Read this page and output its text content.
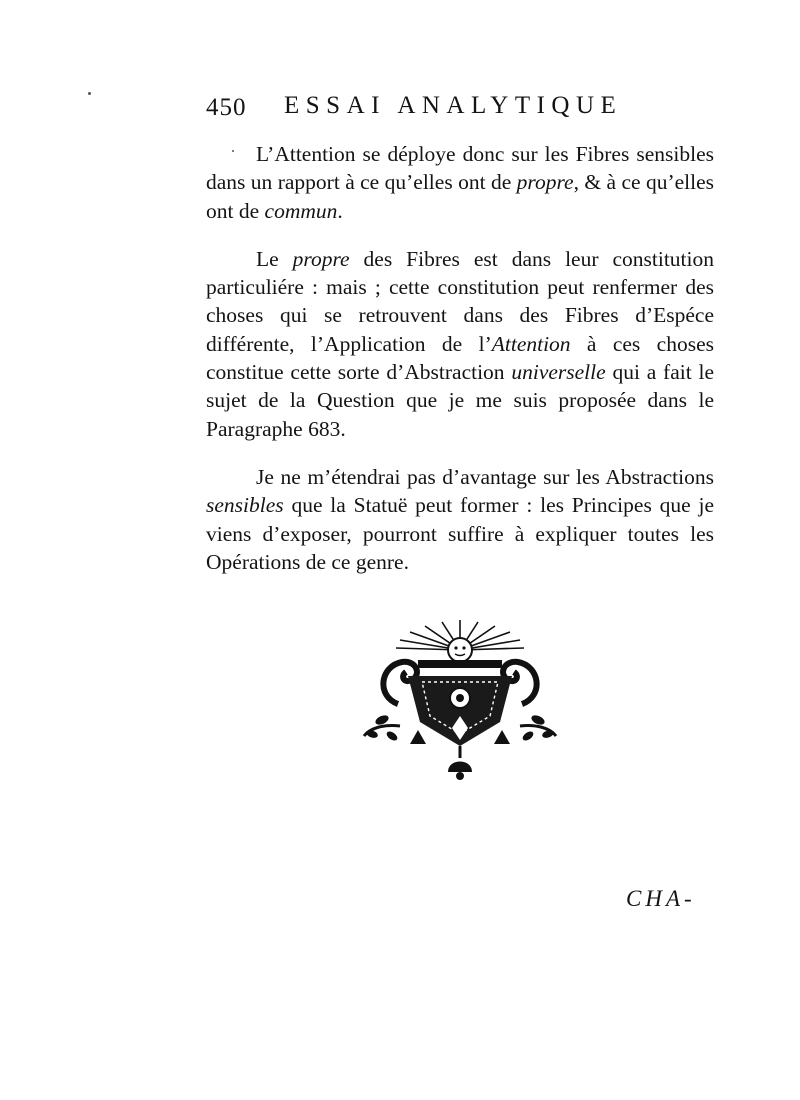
450 ESSAI ANALYTIQUE

L’Attention se déploye donc sur les Fibres sensibles dans un rapport à ce qu’elles ont de propre, & à ce qu’elles ont de commun.

Le propre des Fibres est dans leur constitution particuliére : mais ; cette constitution peut renfermer des choses qui se retrouvent dans des Fibres d’Espéce différente, l’Application de l’Attention à ces choses constitue cette sorte d’Abstraction universelle qui a fait le sujet de la Question que je me suis proposée dans le Paragraphe 683.

Je ne m’étendrai pas d’avantage sur les Abstractions sensibles que la Statuë peut former : les Principes que je viens d’exposer, pourront suffire à expliquer toutes les Opérations de ce genre.

CHA-
